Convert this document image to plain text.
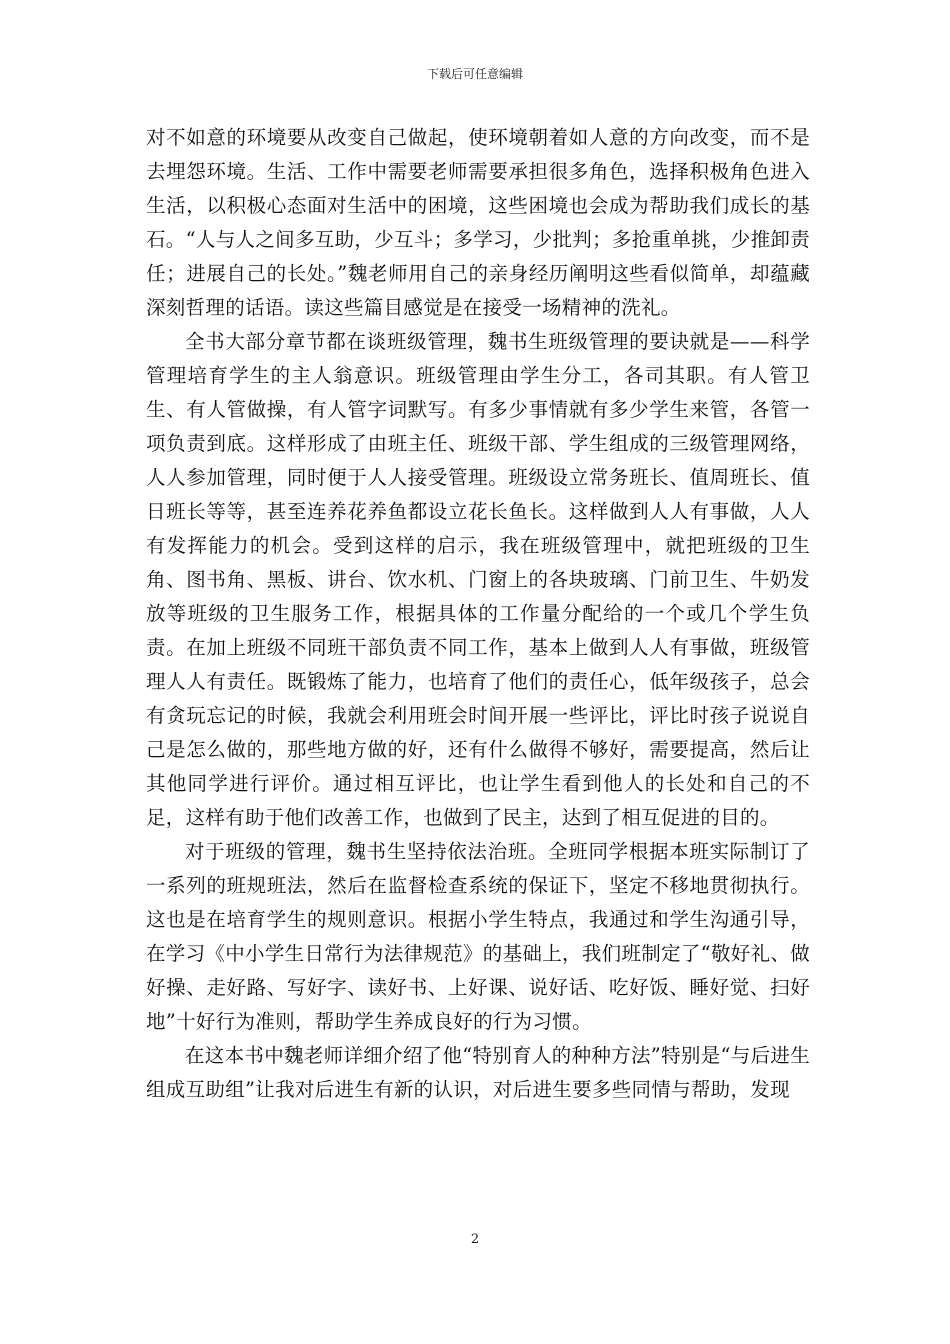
下载后可任意编辑

对不如意的环境要从改变自己做起，使环境朝着如人意的方向改变，而不是去埋怨环境。生活、工作中需要老师需要承担很多角色，选择积极角色进入生活，以积极心态面对生活中的困境，这些困境也会成为帮助我们成长的基石。“人与人之间多互助，少互斗；多学习，少批判；多抢重单挑，少推卸责任；进展自己的长处。”魏老师用自己的亲身经历阐明这些看似简单，却蕴藏深刻哲理的话语。读这些篇目感觉是在接受一场精神的洗礼。

全书大部分章节都在谈班级管理，魏书生班级管理的要诀就是——科学管理培育学生的主人翁意识。班级管理由学生分工，各司其职。有人管卫生、有人管做操，有人管字词默写。有多少事情就有多少学生来管，各管一项负责到底。这样形成了由班主任、班级干部、学生组成的三级管理网络，人人参加管理，同时便于人人接受管理。班级设立常务班长、值周班长、值日班长等等，甚至连养花养鱼都设立花长鱼长。这样做到人人有事做，人人有发挥能力的机会。受到这样的启示，我在班级管理中，就把班级的卫生角、图书角、黑板、讲台、饮水机、门窗上的各块玻璃、门前卫生、牛奶发放等班级的卫生服务工作，根据具体的工作量分配给的一个或几个学生负责。在加上班级不同班干部负责不同工作，基本上做到人人有事做，班级管理人人有责任。既锻炼了能力，也培育了他们的责任心，低年级孩子，总会有贪玩忘记的时候，我就会利用班会时间开展一些评比，评比时孩子说说自己是怎么做的，那些地方做的好，还有什么做得不够好，需要提高，然后让其他同学进行评价。通过相互评比，也让学生看到他人的长处和自己的不足，这样有助于他们改善工作，也做到了民主，达到了相互促进的目的。

对于班级的管理，魏书生坚持依法治班。全班同学根据本班实际制订了一系列的班规班法，然后在监督检查系统的保证下，坚定不移地贯彻执行。这也是在培育学生的规则意识。根据小学生特点，我通过和学生沟通引导，在学习《中小学生日常行为法律规范》的基础上，我们班制定了“敬好礼、做好操、走好路、写好字、读好书、上好课、说好话、吃好饭、睡好觉、扫好地”十好行为准则，帮助学生养成良好的行为习惯。

在这本书中魏老师详细介绍了他“特别育人的种种方法”特别是“与后进生组成互助组”让我对后进生有新的认识，对后进生要多些同情与帮助，发现

2
